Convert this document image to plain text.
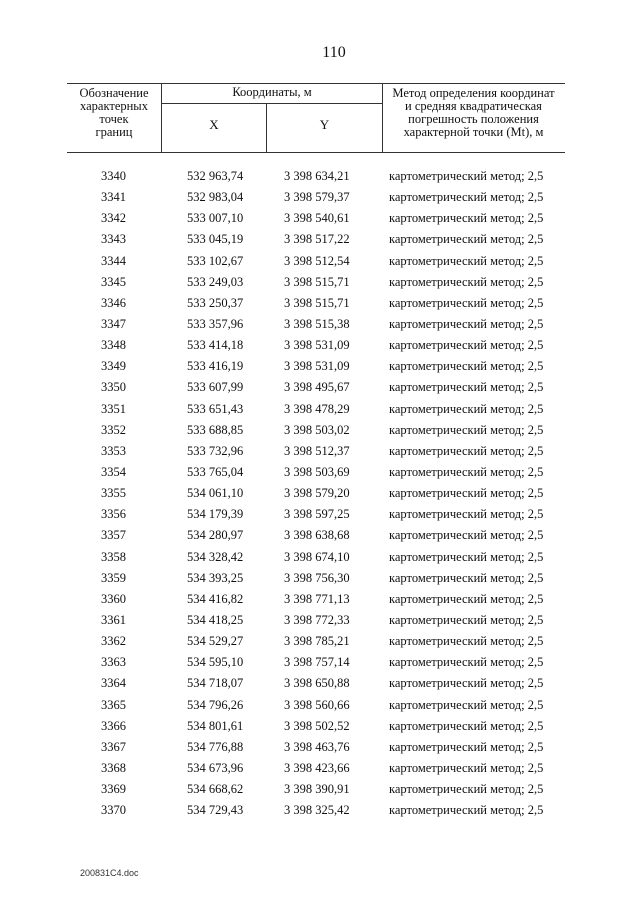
110
Обозначение
характерных
точек
границ
Координаты, м
X	Y
Метод определения координат
и средняя квадратическая
погрешность положения
характерной точки (Mt), м
3340	532 963,74	3 398 634,21	картометрический метод; 2,5
3341	532 983,04	3 398 579,37	картометрический метод; 2,5
3342	533 007,10	3 398 540,61	картометрический метод; 2,5
3343	533 045,19	3 398 517,22	картометрический метод; 2,5
3344	533 102,67	3 398 512,54	картометрический метод; 2,5
3345	533 249,03	3 398 515,71	картометрический метод; 2,5
3346	533 250,37	3 398 515,71	картометрический метод; 2,5
3347	533 357,96	3 398 515,38	картометрический метод; 2,5
3348	533 414,18	3 398 531,09	картометрический метод; 2,5
3349	533 416,19	3 398 531,09	картометрический метод; 2,5
3350	533 607,99	3 398 495,67	картометрический метод; 2,5
3351	533 651,43	3 398 478,29	картометрический метод; 2,5
3352	533 688,85	3 398 503,02	картометрический метод; 2,5
3353	533 732,96	3 398 512,37	картометрический метод; 2,5
3354	533 765,04	3 398 503,69	картометрический метод; 2,5
3355	534 061,10	3 398 579,20	картометрический метод; 2,5
3356	534 179,39	3 398 597,25	картометрический метод; 2,5
3357	534 280,97	3 398 638,68	картометрический метод; 2,5
3358	534 328,42	3 398 674,10	картометрический метод; 2,5
3359	534 393,25	3 398 756,30	картометрический метод; 2,5
3360	534 416,82	3 398 771,13	картометрический метод; 2,5
3361	534 418,25	3 398 772,33	картометрический метод; 2,5
3362	534 529,27	3 398 785,21	картометрический метод; 2,5
3363	534 595,10	3 398 757,14	картометрический метод; 2,5
3364	534 718,07	3 398 650,88	картометрический метод; 2,5
3365	534 796,26	3 398 560,66	картометрический метод; 2,5
3366	534 801,61	3 398 502,52	картометрический метод; 2,5
3367	534 776,88	3 398 463,76	картометрический метод; 2,5
3368	534 673,96	3 398 423,66	картометрический метод; 2,5
3369	534 668,62	3 398 390,91	картометрический метод; 2,5
3370	534 729,43	3 398 325,42	картометрический метод; 2,5
200831С4.doc
